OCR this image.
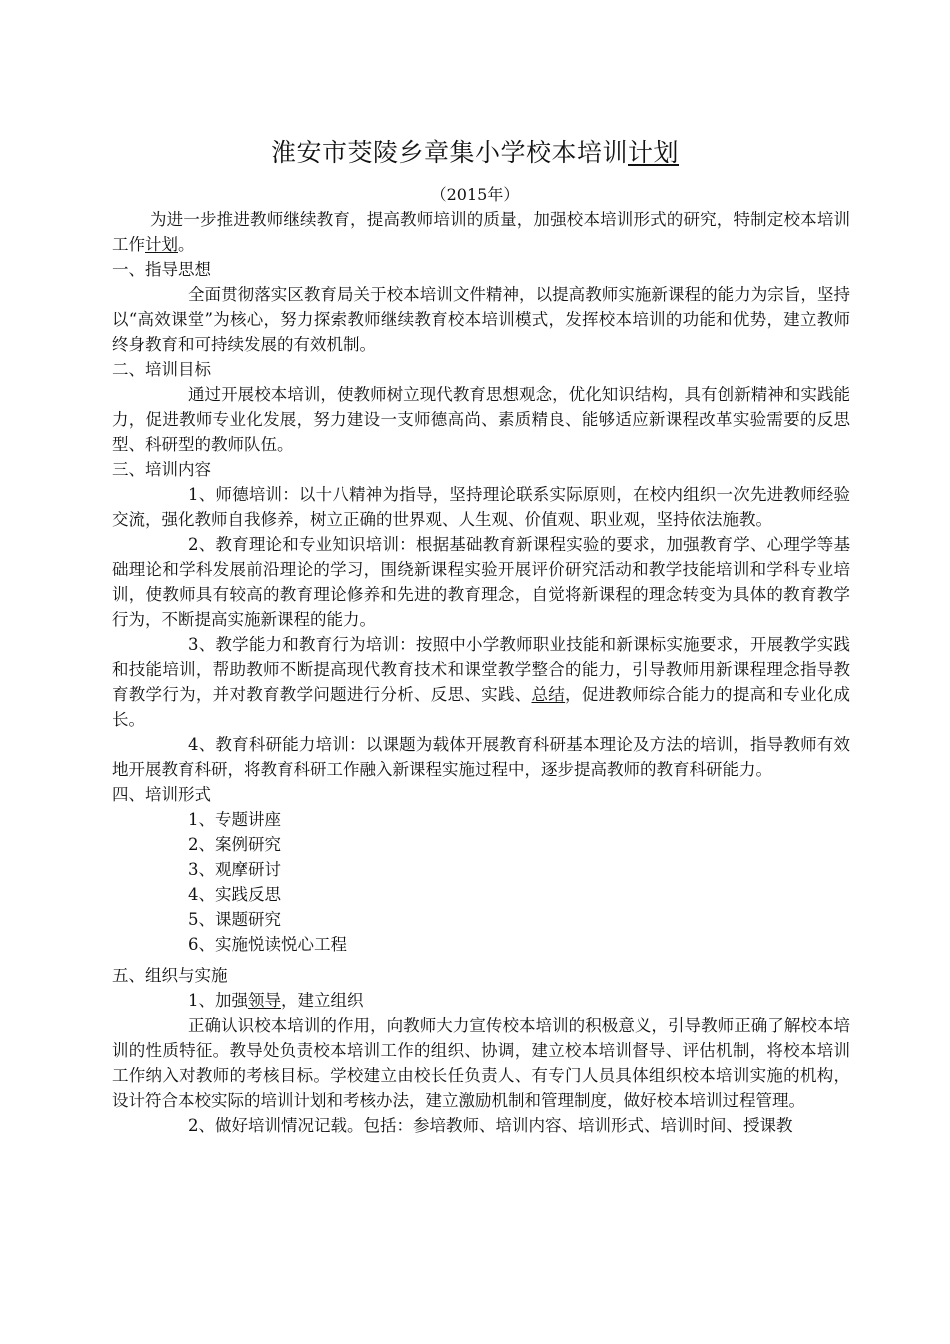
淮安市茭陵乡章集小学校本培训计划
（2015年）

为进一步推进教师继续教育，提高教师培训的质量，加强校本培训形式的研究，特制定校本培训工作计划。

一、指导思想

全面贯彻落实区教育局关于校本培训文件精神，以提高教师实施新课程的能力为宗旨，坚持以“高效课堂”为核心，努力探索教师继续教育校本培训模式，发挥校本培训的功能和优势，建立教师终身教育和可持续发展的有效机制。

二、培训目标

通过开展校本培训，使教师树立现代教育思想观念，优化知识结构，具有创新精神和实践能力，促进教师专业化发展，努力建设一支师德高尚、素质精良、能够适应新课程改革实验需要的反思型、科研型的教师队伍。

三、培训内容

1、师德培训：以十八精神为指导，坚持理论联系实际原则，在校内组织一次先进教师经验交流，强化教师自我修养，树立正确的世界观、人生观、价值观、职业观，坚持依法施教。

2、教育理论和专业知识培训：根据基础教育新课程实验的要求，加强教育学、心理学等基础理论和学科发展前沿理论的学习，围绕新课程实验开展评价研究活动和教学技能培训和学科专业培训，使教师具有较高的教育理论修养和先进的教育理念，自觉将新课程的理念转变为具体的教育教学行为，不断提高实施新课程的能力。

3、教学能力和教育行为培训：按照中小学教师职业技能和新课标实施要求，开展教学实践和技能培训，帮助教师不断提高现代教育技术和课堂教学整合的能力，引导教师用新课程理念指导教育教学行为，并对教育教学问题进行分析、反思、实践、总结，促进教师综合能力的提高和专业化成长。

4、教育科研能力培训：以课题为载体开展教育科研基本理论及方法的培训，指导教师有效地开展教育科研，将教育科研工作融入新课程实施过程中，逐步提高教师的教育科研能力。

四、培训形式

1、专题讲座
2、案例研究
3、观摩研讨
4、实践反思
5、课题研究
6、实施悦读悦心工程

五、组织与实施

1、加强领导，建立组织

正确认识校本培训的作用，向教师大力宣传校本培训的积极意义，引导教师正确了解校本培训的性质特征。教导处负责校本培训工作的组织、协调，建立校本培训督导、评估机制，将校本培训工作纳入对教师的考核目标。学校建立由校长任负责人、有专门人员具体组织校本培训实施的机构，设计符合本校实际的培训计划和考核办法，建立激励机制和管理制度，做好校本培训过程管理。

2、做好培训情况记载。包括：参培教师、培训内容、培训形式、培训时间、授课教
